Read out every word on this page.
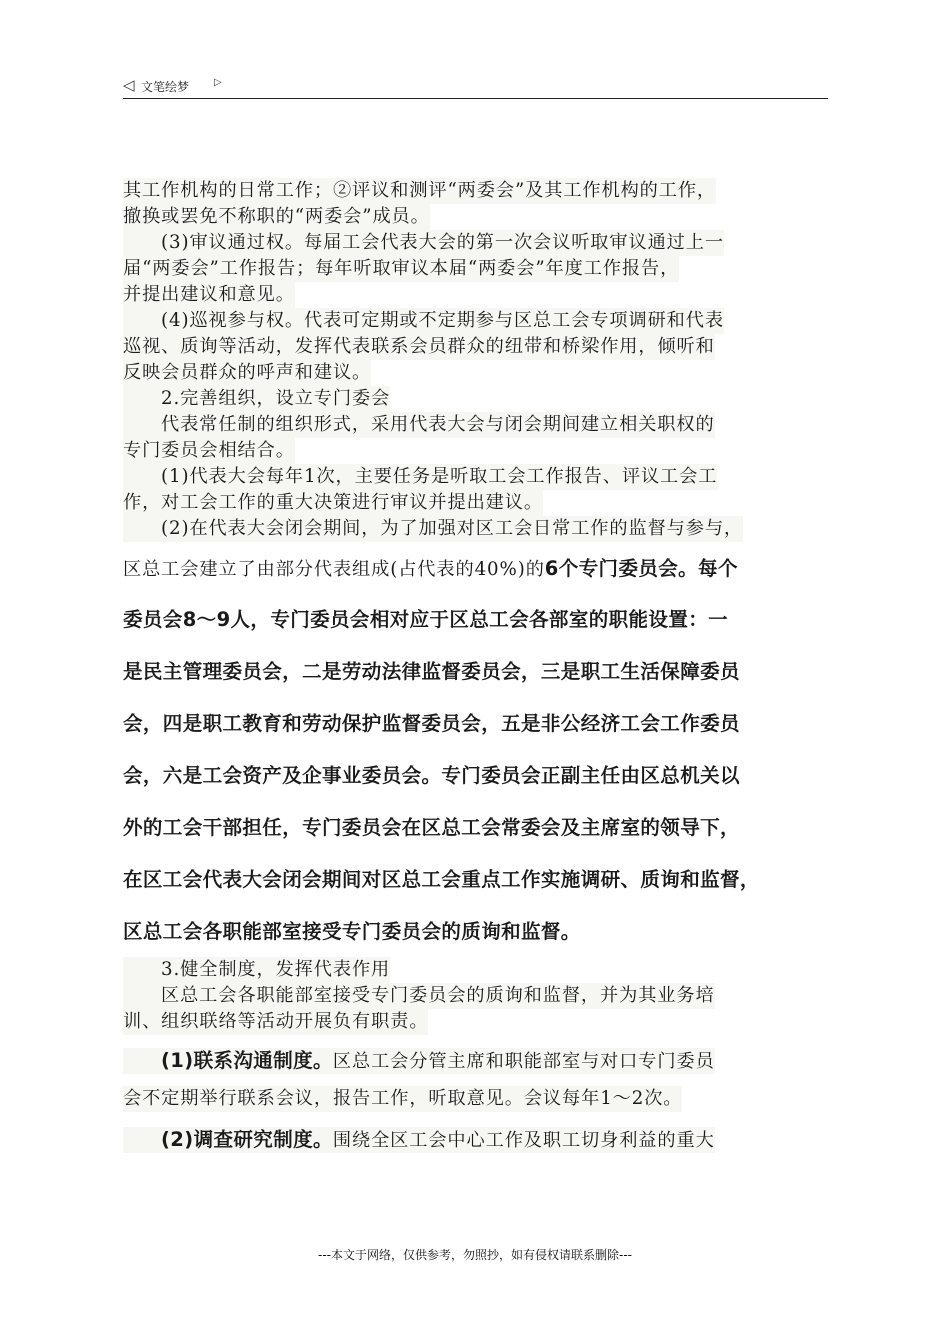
◁ 文笔绘梦 ▷
其工作机构的日常工作；②评议和测评“两委会”及其工作机构的工作，
撤换或罢免不称职的“两委会”成员。
(3)审议通过权。每届工会代表大会的第一次会议听取审议通过上一
届“两委会”工作报告；每年听取审议本届“两委会”年度工作报告，
并提出建议和意见。
(4)巡视参与权。代表可定期或不定期参与区总工会专项调研和代表
巡视、质询等活动，发挥代表联系会员群众的纽带和桥梁作用，倾听和
反映会员群众的呼声和建议。
2.完善组织，设立专门委会
代表常任制的组织形式，采用代表大会与闭会期间建立相关职权的
专门委员会相结合。
(1)代表大会每年1次，主要任务是听取工会工作报告、评议工会工
作，对工会工作的重大决策进行审议并提出建议。
(2)在代表大会闭会期间，为了加强对区工会日常工作的监督与参与，
区总工会建立了由部分代表组成(占代表的40%)的6个专门委员会。每个
委员会8～9人，专门委员会相对应于区总工会各部室的职能设置：一
是民主管理委员会，二是劳动法律监督委员会，三是职工生活保障委员
会，四是职工教育和劳动保护监督委员会，五是非公经济工会工作委员
会，六是工会资产及企事业委员会。专门委员会正副主任由区总机关以
外的工会干部担任，专门委员会在区总工会常委会及主席室的领导下，
在区工会代表大会闭会期间对区总工会重点工作实施调研、质询和监督，
区总工会各职能部室接受专门委员会的质询和监督。
3.健全制度，发挥代表作用
区总工会各职能部室接受专门委员会的质询和监督，并为其业务培
训、组织联络等活动开展负有职责。
(1)联系沟通制度。区总工会分管主席和职能部室与对口专门委员
会不定期举行联系会议，报告工作，听取意见。会议每年1～2次。
(2)调查研究制度。围绕全区工会中心工作及职工切身利益的重大
---本文于网络，仅供参考，勿照抄，如有侵权请联系删除---
